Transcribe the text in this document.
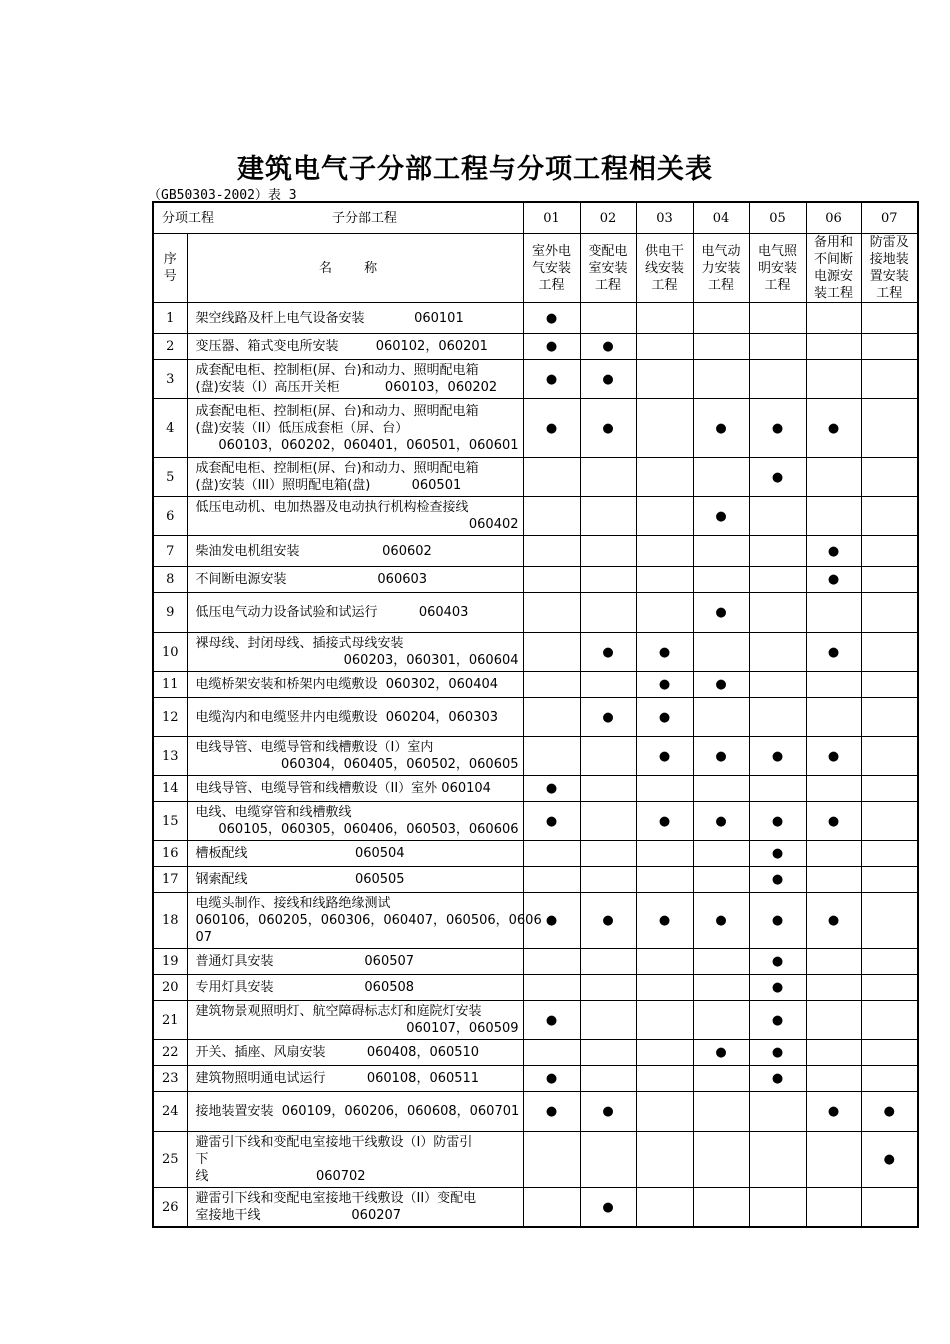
建筑电气子分部工程与分项工程相关表
（GB50303-2002）表 3
分项工程 子分部工程		01	02	03	04	05	06	07
序号	名 称	室外电气安装工程	变配电室安装工程	供电干线安装工程	电气动力安装工程	电气照明安装工程	备用和不间断电源安装工程	防雷及接地装置安装工程
1	架空线路及杆上电气设备安装            060101	●						
2	变压器、箱式变电所安装         060102，060201	●	●					
3	成套配电柜、控制柜(屏、台)和动力、照明配电箱
(盘)安装（I）高压开关柜           060103，060202	●	●					
4	成套配电柜、控制柜(屏、台)和动力、照明配电箱
(盘)安装（II）低压成套柜（屏、台）
060103，060202，060401，060501，060601	●	●		●	●	●	
5	成套配电柜、控制柜(屏、台)和动力、照明配电箱
(盘)安装（III）照明配电箱(盘)          060501					●		
6	低压电动机、电加热器及电动执行机构检查接线
060402				●			
7	柴油发电机组安装                    060602						●	
8	不间断电源安装                      060603						●	
9	低压电气动力设备试验和试运行          060403				●			
10	裸母线、封闭母线、插接式母线安装
060203，060301，060604		●	●			●	
11	电缆桥架安装和桥架内电缆敷设  060302，060404			●	●			
12	电缆沟内和电缆竖井内电缆敷设  060204，060303		●	●				
13	电线导管、电缆导管和线槽敷设（I）室内
060304，060405，060502，060605			●	●	●	●	
14	电线导管、电缆导管和线槽敷设（II）室外 060104	●						
15	电线、电缆穿管和线槽敷线
060105，060305，060406，060503，060606	●		●	●	●	●	
16	槽板配线                          060504					●		
17	钢索配线                          060505					●		
18	电缆头制作、接线和线路绝缘测试
060106，060205，060306，060407，060506，0606
07	●	●	●	●	●	●	
19	普通灯具安装                      060507					●		
20	专用灯具安装                      060508					●		
21	建筑物景观照明灯、航空障碍标志灯和庭院灯安装
060107，060509	●				●		
22	开关、插座、风扇安装          060408，060510				●	●		
23	建筑物照明通电试运行          060108，060511	●				●		
24	接地装置安装  060109，060206，060608，060701	●	●				●	●
25	避雷引下线和变配电室接地干线敷设（I）防雷引
下
线                          060702							●
26	避雷引下线和变配电室接地干线敷设（II）变配电
室接地干线                      060207		●					
